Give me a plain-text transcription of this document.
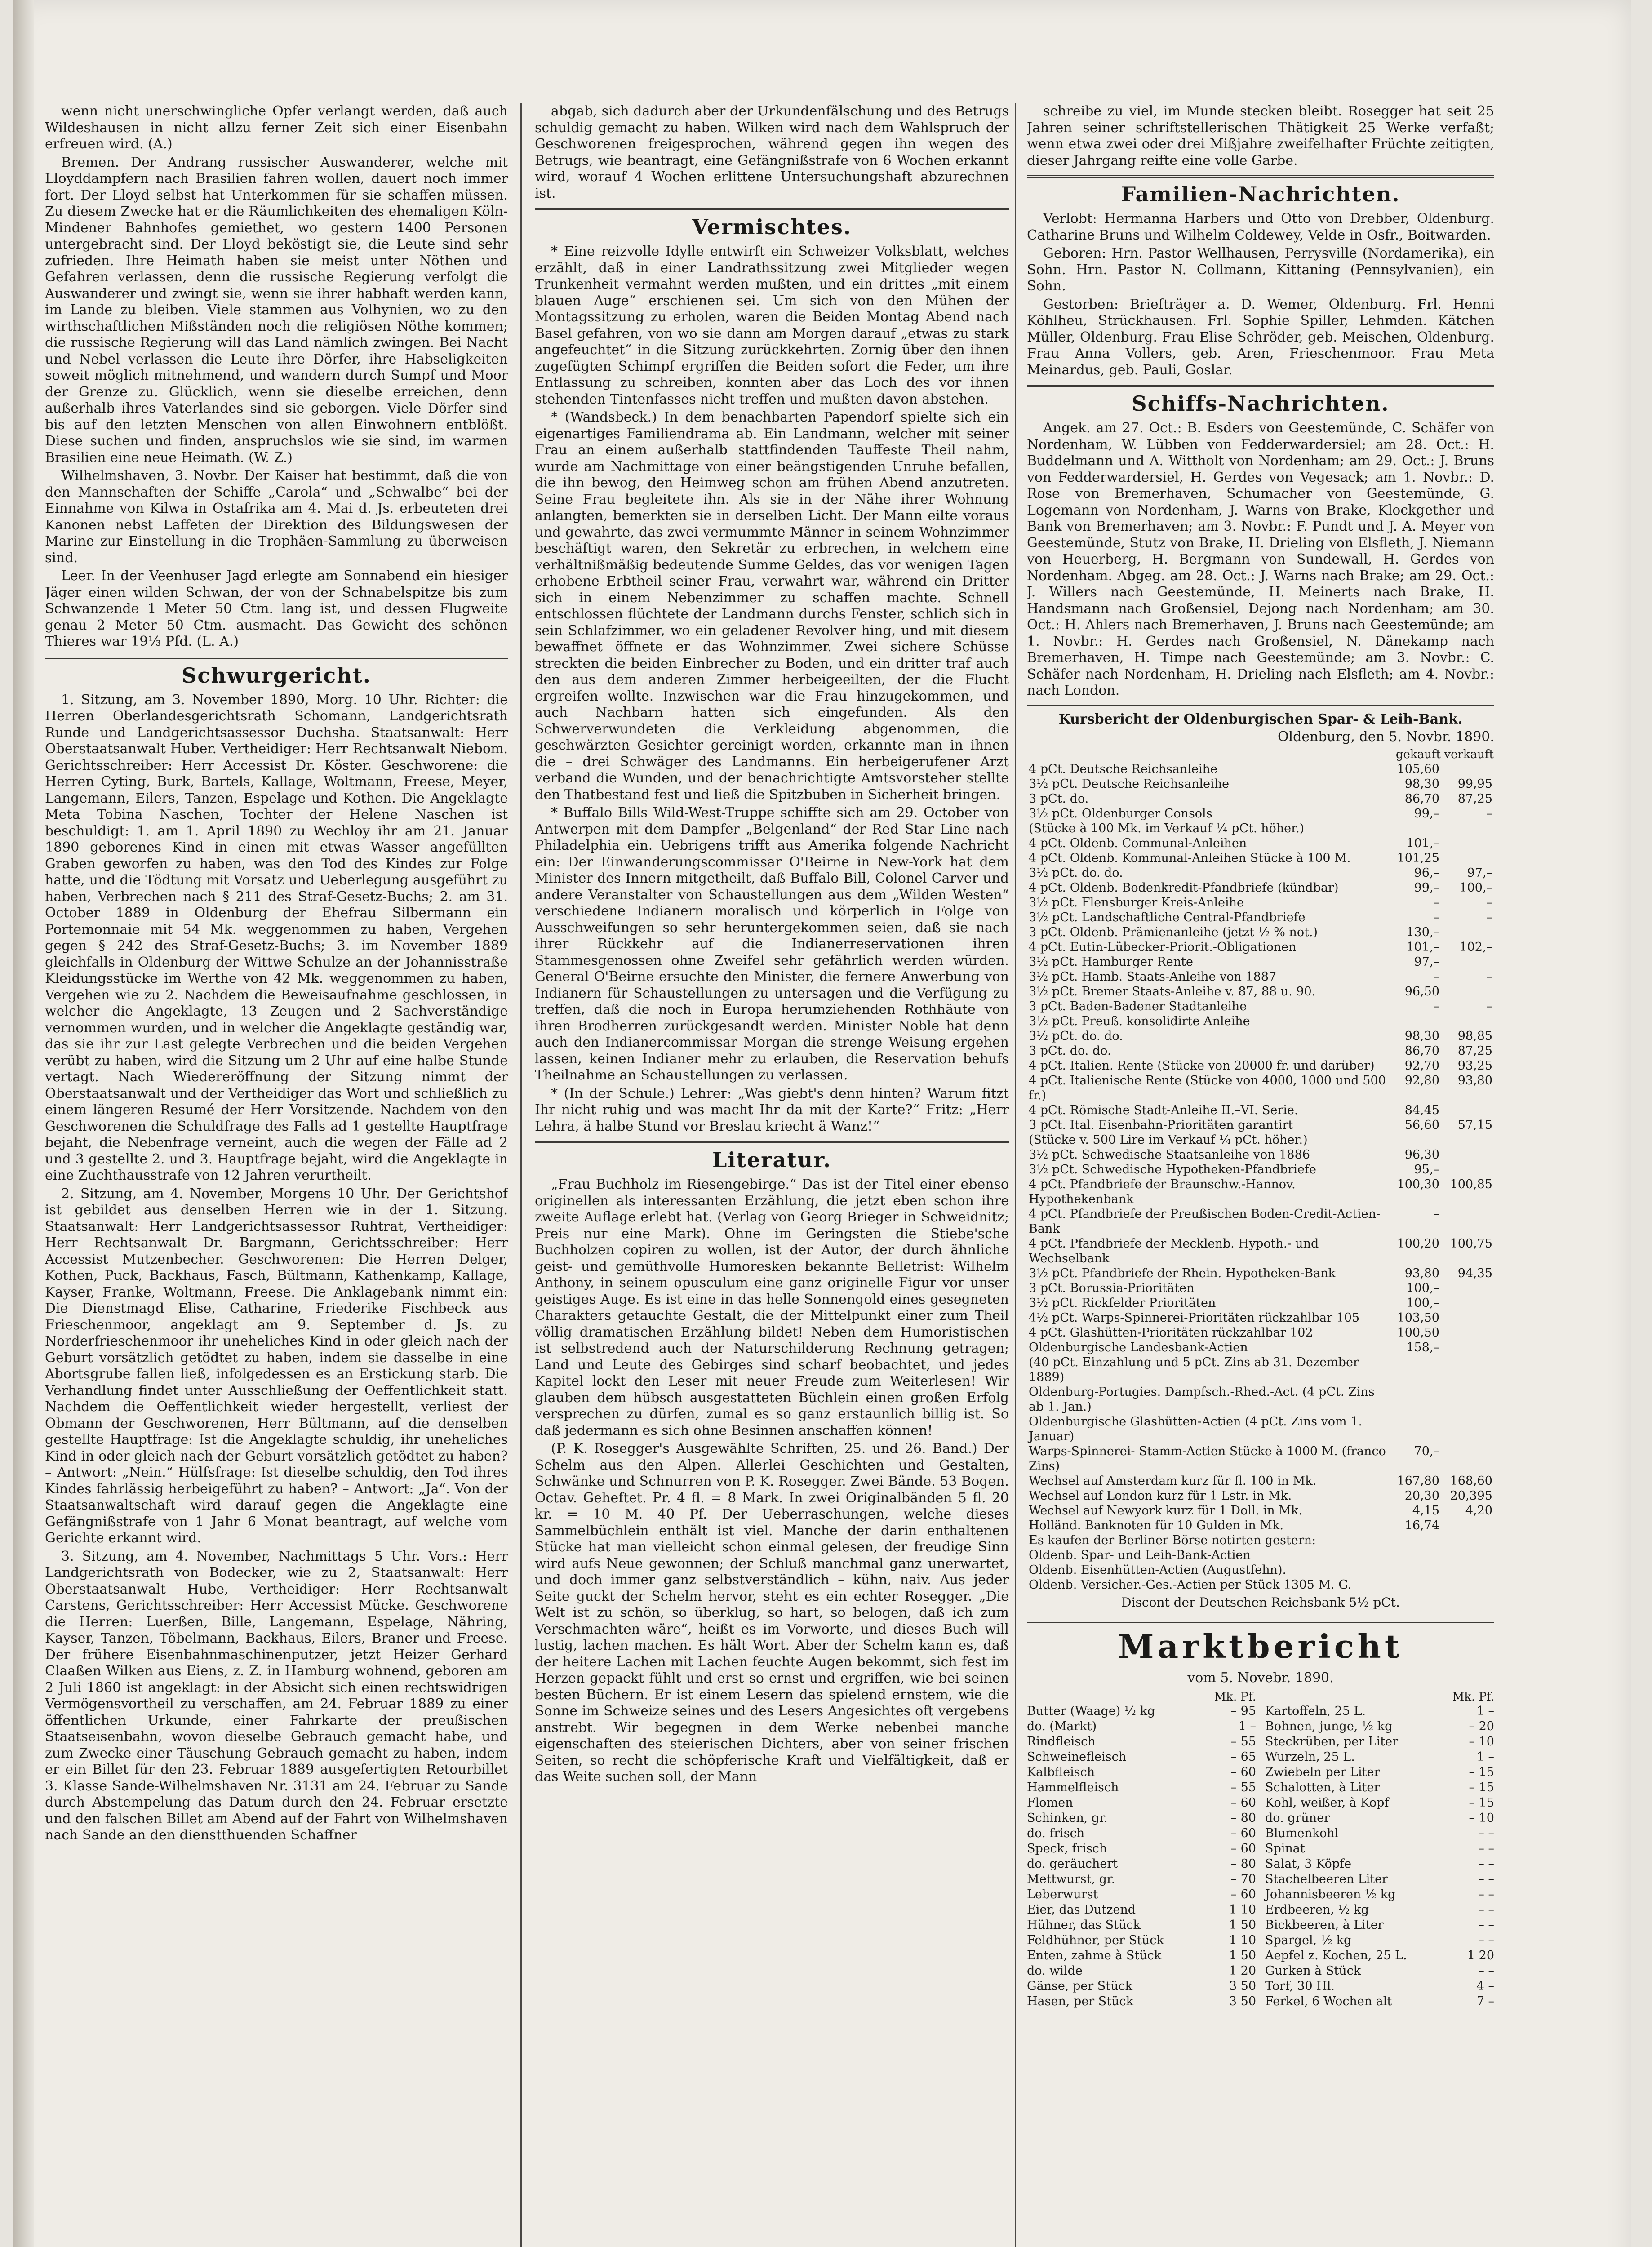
wenn nicht unerschwingliche Opfer verlangt werden, daß auch Wildeshausen in nicht allzu ferner Zeit sich einer Eisenbahn erfreuen wird. (A.)

Bremen. Der Andrang russischer Auswanderer, welche mit Lloyddampfern nach Brasilien fahren wollen, dauert noch immer fort. Der Lloyd selbst hat Unterkommen für sie schaffen müssen. Zu diesem Zwecke hat er die Räumlichkeiten des ehemaligen Köln-Mindener Bahnhofes gemiethet, wo gestern 1400 Personen untergebracht sind. Der Lloyd beköstigt sie, die Leute sind sehr zufrieden. Ihre Heimath haben sie meist unter Nöthen und Gefahren verlassen, denn die russische Regierung verfolgt die Auswanderer und zwingt sie, wenn sie ihrer habhaft werden kann, im Lande zu bleiben. Viele stammen aus Volhynien, wo zu den wirthschaftlichen Mißständen noch die religiösen Nöthe kommen; die russische Regierung will das Land nämlich zwingen. Bei Nacht und Nebel verlassen die Leute ihre Dörfer, ihre Habseligkeiten soweit möglich mitnehmend, und wandern durch Sumpf und Moor der Grenze zu. Glücklich, wenn sie dieselbe erreichen, denn außerhalb ihres Vaterlandes sind sie geborgen. Viele Dörfer sind bis auf den letzten Menschen von allen Einwohnern entblößt. Diese suchen und finden, anspruchslos wie sie sind, im warmen Brasilien eine neue Heimath. (W. Z.)

Wilhelmshaven, 3. Novbr. Der Kaiser hat bestimmt, daß die von den Mannschaften der Schiffe „Carola“ und „Schwalbe“ bei der Einnahme von Kilwa in Ostafrika am 4. Mai d. Js. erbeuteten drei Kanonen nebst Laffeten der Direktion des Bildungswesen der Marine zur Einstellung in die Trophäen-Sammlung zu überweisen sind.

Leer. In der Veenhuser Jagd erlegte am Sonnabend ein hiesiger Jäger einen wilden Schwan, der von der Schnabelspitze bis zum Schwanzende 1 Meter 50 Ctm. lang ist, und dessen Flugweite genau 2 Meter 50 Ctm. ausmacht. Das Gewicht des schönen Thieres war 19⅓ Pfd. (L. A.)

Schwurgericht.

1. Sitzung, am 3. November 1890, Morg. 10 Uhr. Richter: die Herren Oberlandesgerichtsrath Schomann, Landgerichtsrath Runde und Landgerichtsassessor Duchsha. Staatsanwalt: Herr Oberstaatsanwalt Huber. Vertheidiger: Herr Rechtsanwalt Niebom. Gerichtsschreiber: Herr Accessist Dr. Köster. Geschworene: die Herren Cyting, Burk, Bartels, Kallage, Woltmann, Freese, Meyer, Langemann, Eilers, Tanzen, Espelage und Kothen. Die Angeklagte Meta Tobina Naschen, Tochter der Helene Naschen ist beschuldigt: 1. am 1. April 1890 zu Wechloy ihr am 21. Januar 1890 geborenes Kind in einen mit etwas Wasser angefüllten Graben geworfen zu haben, was den Tod des Kindes zur Folge hatte, und die Tödtung mit Vorsatz und Ueberlegung ausgeführt zu haben, Verbrechen nach § 211 des Straf-Gesetz-Buchs; 2. am 31. October 1889 in Oldenburg der Ehefrau Silbermann ein Portemonnaie mit 54 Mk. weggenommen zu haben, Vergehen gegen § 242 des Straf-Gesetz-Buchs; 3. im November 1889 gleichfalls in Oldenburg der Wittwe Schulze an der Johannisstraße Kleidungsstücke im Werthe von 42 Mk. weggenommen zu haben, Vergehen wie zu 2. Nachdem die Beweisaufnahme geschlossen, in welcher die Angeklagte, 13 Zeugen und 2 Sachverständige vernommen wurden, und in welcher die Angeklagte geständig war, das sie ihr zur Last gelegte Verbrechen und die beiden Vergehen verübt zu haben, wird die Sitzung um 2 Uhr auf eine halbe Stunde vertagt. Nach Wiedereröffnung der Sitzung nimmt der Oberstaatsanwalt und der Vertheidiger das Wort und schließlich zu einem längeren Resumé der Herr Vorsitzende. Nachdem von den Geschworenen die Schuldfrage des Falls ad 1 gestellte Hauptfrage bejaht, die Nebenfrage verneint, auch die wegen der Fälle ad 2 und 3 gestellte 2. und 3. Hauptfrage bejaht, wird die Angeklagte in eine Zuchthausstrafe von 12 Jahren verurtheilt.

2. Sitzung, am 4. November, Morgens 10 Uhr. Der Gerichtshof ist gebildet aus denselben Herren wie in der 1. Sitzung. Staatsanwalt: Herr Landgerichtsassessor Ruhtrat, Vertheidiger: Herr Rechtsanwalt Dr. Bargmann, Gerichtsschreiber: Herr Accessist Mutzenbecher. Geschworenen: Die Herren Delger, Kothen, Puck, Backhaus, Fasch, Bültmann, Kathenkamp, Kallage, Kayser, Franke, Woltmann, Freese. Die Anklagebank nimmt ein: Die Dienstmagd Elise, Catharine, Friederike Fischbeck aus Frieschenmoor, angeklagt am 9. September d. Js. zu Norderfrieschenmoor ihr uneheliches Kind in oder gleich nach der Geburt vorsätzlich getödtet zu haben, indem sie dasselbe in eine Abortsgrube fallen ließ, infolgedessen es an Erstickung starb. Die Verhandlung findet unter Ausschließung der Oeffentlichkeit statt. Nachdem die Oeffentlichkeit wieder hergestellt, verliest der Obmann der Geschworenen, Herr Bültmann, auf die denselben gestellte Hauptfrage: Ist die Angeklagte schuldig, ihr uneheliches Kind in oder gleich nach der Geburt vorsätzlich getödtet zu haben? – Antwort: „Nein.“ Hülfsfrage: Ist dieselbe schuldig, den Tod ihres Kindes fahrlässig herbeigeführt zu haben? – Antwort: „Ja“. Von der Staatsanwaltschaft wird darauf gegen die Angeklagte eine Gefängnißstrafe von 1 Jahr 6 Monat beantragt, auf welche vom Gerichte erkannt wird.

3. Sitzung, am 4. November, Nachmittags 5 Uhr. Vors.: Herr Landgerichtsrath von Bodecker, wie zu 2, Staatsanwalt: Herr Oberstaatsanwalt Hube, Vertheidiger: Herr Rechtsanwalt Carstens, Gerichtsschreiber: Herr Accessist Mücke. Geschworene die Herren: Luerßen, Bille, Langemann, Espelage, Nähring, Kayser, Tanzen, Töbelmann, Backhaus, Eilers, Braner und Freese. Der frühere Eisenbahnmaschinenputzer, jetzt Heizer Gerhard Claaßen Wilken aus Eiens, z. Z. in Hamburg wohnend, geboren am 2 Juli 1860 ist angeklagt: in der Absicht sich einen rechtswidrigen Vermögensvortheil zu verschaffen, am 24. Februar 1889 zu einer öffentlichen Urkunde, einer Fahrkarte der preußischen Staatseisenbahn, wovon dieselbe Gebrauch gemacht habe, und zum Zwecke einer Täuschung Gebrauch gemacht zu haben, indem er ein Billet für den 23. Februar 1889 ausgefertigten Retourbillet 3. Klasse Sande-Wilhelmshaven Nr. 3131 am 24. Februar zu Sande durch Abstempelung das Datum durch den 24. Februar ersetzte und den falschen Billet am Abend auf der Fahrt von Wilhelmshaven nach Sande an den dienstthuenden Schaffner

abgab, sich dadurch aber der Urkundenfälschung und des Betrugs schuldig gemacht zu haben. Wilken wird nach dem Wahlspruch der Geschworenen freigesprochen, während gegen ihn wegen des Betrugs, wie beantragt, eine Gefängnißstrafe von 6 Wochen erkannt wird, worauf 4 Wochen erlittene Untersuchungshaft abzurechnen ist.

Vermischtes.

* Eine reizvolle Idylle entwirft ein Schweizer Volksblatt, welches erzählt, daß in einer Landrathssitzung zwei Mitglieder wegen Trunkenheit vermahnt werden mußten, und ein drittes „mit einem blauen Auge“ erschienen sei. Um sich von den Mühen der Montagssitzung zu erholen, waren die Beiden Montag Abend nach Basel gefahren, von wo sie dann am Morgen darauf „etwas zu stark angefeuchtet“ in die Sitzung zurückkehrten. Zornig über den ihnen zugefügten Schimpf ergriffen die Beiden sofort die Feder, um ihre Entlassung zu schreiben, konnten aber das Loch des vor ihnen stehenden Tintenfasses nicht treffen und mußten davon abstehen.

* (Wandsbeck.) In dem benachbarten Papendorf spielte sich ein eigenartiges Familiendrama ab. Ein Landmann, welcher mit seiner Frau an einem außerhalb stattfindenden Tauffeste Theil nahm, wurde am Nachmittage von einer beängstigenden Unruhe befallen, die ihn bewog, den Heimweg schon am frühen Abend anzutreten. Seine Frau begleitete ihn. Als sie in der Nähe ihrer Wohnung anlangten, bemerkten sie in derselben Licht. Der Mann eilte voraus und gewahrte, das zwei vermummte Männer in seinem Wohnzimmer beschäftigt waren, den Sekretär zu erbrechen, in welchem eine verhältnißmäßig bedeutende Summe Geldes, das vor wenigen Tagen erhobene Erbtheil seiner Frau, verwahrt war, während ein Dritter sich in einem Nebenzimmer zu schaffen machte. Schnell entschlossen flüchtete der Landmann durchs Fenster, schlich sich in sein Schlafzimmer, wo ein geladener Revolver hing, und mit diesem bewaffnet öffnete er das Wohnzimmer. Zwei sichere Schüsse streckten die beiden Einbrecher zu Boden, und ein dritter traf auch den aus dem anderen Zimmer herbeigeeilten, der die Flucht ergreifen wollte. Inzwischen war die Frau hinzugekommen, und auch Nachbarn hatten sich eingefunden. Als den Schwerverwundeten die Verkleidung abgenommen, die geschwärzten Gesichter gereinigt worden, erkannte man in ihnen die – drei Schwäger des Landmanns. Ein herbeigerufener Arzt verband die Wunden, und der benachrichtigte Amtsvorsteher stellte den Thatbestand fest und ließ die Spitzbuben in Sicherheit bringen.

* Buffalo Bills Wild-West-Truppe schiffte sich am 29. October von Antwerpen mit dem Dampfer „Belgenland“ der Red Star Line nach Philadelphia ein. Uebrigens trifft aus Amerika folgende Nachricht ein: Der Einwanderungscommissar O'Beirne in New-York hat dem Minister des Innern mitgetheilt, daß Buffalo Bill, Colonel Carver und andere Veranstalter von Schaustellungen aus dem „Wilden Westen“ verschiedene Indianern moralisch und körperlich in Folge von Ausschweifungen so sehr heruntergekommen seien, daß sie nach ihrer Rückkehr auf die Indianerreservationen ihren Stammesgenossen ohne Zweifel sehr gefährlich werden würden. General O'Beirne ersuchte den Minister, die fernere Anwerbung von Indianern für Schaustellungen zu untersagen und die Verfügung zu treffen, daß die noch in Europa herumziehenden Rothhäute von ihren Brodherren zurückgesandt werden. Minister Noble hat denn auch den Indianercommissar Morgan die strenge Weisung ergehen lassen, keinen Indianer mehr zu erlauben, die Reservation behufs Theilnahme an Schaustellungen zu verlassen.

* (In der Schule.) Lehrer: „Was giebt's denn hinten? Warum fitzt Ihr nicht ruhig und was macht Ihr da mit der Karte?“ Fritz: „Herr Lehra, ä halbe Stund vor Breslau kriecht ä Wanz!“

Literatur.

„Frau Buchholz im Riesengebirge.“ Das ist der Titel einer ebenso originellen als interessanten Erzählung, die jetzt eben schon ihre zweite Auflage erlebt hat. (Verlag von Georg Brieger in Schweidnitz; Preis nur eine Mark). Ohne im Geringsten die Stiebe'sche Buchholzen copiren zu wollen, ist der Autor, der durch ähnliche geist- und gemüthvolle Humoresken bekannte Belletrist: Wilhelm Anthony, in seinem opusculum eine ganz originelle Figur vor unser geistiges Auge. Es ist eine in das helle Sonnengold eines gesegneten Charakters getauchte Gestalt, die der Mittelpunkt einer zum Theil völlig dramatischen Erzählung bildet! Neben dem Humoristischen ist selbstredend auch der Naturschilderung Rechnung getragen; Land und Leute des Gebirges sind scharf beobachtet, und jedes Kapitel lockt den Leser mit neuer Freude zum Weiterlesen! Wir glauben dem hübsch ausgestatteten Büchlein einen großen Erfolg versprechen zu dürfen, zumal es so ganz erstaunlich billig ist. So daß jedermann es sich ohne Besinnen anschaffen können!

(P. K. Rosegger's Ausgewählte Schriften, 25. und 26. Band.) Der Schelm aus den Alpen. Allerlei Geschichten und Gestalten, Schwänke und Schnurren von P. K. Rosegger. Zwei Bände. 53 Bogen. Octav. Geheftet. Pr. 4 fl. = 8 Mark. In zwei Originalbänden 5 fl. 20 kr. = 10 M. 40 Pf. Der Ueberraschungen, welche dieses Sammelbüchlein enthält ist viel. Manche der darin enthaltenen Stücke hat man vielleicht schon einmal gelesen, der freudige Sinn wird aufs Neue gewonnen; der Schluß manchmal ganz unerwartet, und doch immer ganz selbstverständlich – kühn, naiv. Aus jeder Seite guckt der Schelm hervor, steht es ein echter Rosegger. „Die Welt ist zu schön, so überklug, so hart, so belogen, daß ich zum Verschmachten wäre“, heißt es im Vorworte, und dieses Buch will lustig, lachen machen. Es hält Wort. Aber der Schelm kann es, daß der heitere Lachen mit Lachen feuchte Augen bekommt, sich fest im Herzen gepackt fühlt und erst so ernst und ergriffen, wie bei seinen besten Büchern. Er ist einem Lesern das spielend ernstem, wie die Sonne im Schweize seines und des Lesers Angesichtes oft vergebens anstrebt. Wir begegnen in dem Werke nebenbei manche eigenschaften des steierischen Dichters, aber von seiner frischen Seiten, so recht die schöpferische Kraft und Vielfältigkeit, daß er das Weite suchen soll, der Mann

schreibe zu viel, im Munde stecken bleibt. Rosegger hat seit 25 Jahren seiner schriftstellerischen Thätigkeit 25 Werke verfaßt; wenn etwa zwei oder drei Mißjahre zweifelhafter Früchte zeitigten, dieser Jahrgang reifte eine volle Garbe.

Familien-Nachrichten.

Verlobt: Hermanna Harbers und Otto von Drebber, Oldenburg. Catharine Bruns und Wilhelm Coldewey, Velde in Osfr., Boitwarden.

Geboren: Hrn. Pastor Wellhausen, Perrysville (Nordamerika), ein Sohn. Hrn. Pastor N. Collmann, Kittaning (Pennsylvanien), ein Sohn.

Gestorben: Briefträger a. D. Wemer, Oldenburg. Frl. Henni Köhlheu, Strückhausen. Frl. Sophie Spiller, Lehmden. Kätchen Müller, Oldenburg. Frau Elise Schröder, geb. Meischen, Oldenburg. Frau Anna Vollers, geb. Aren, Frieschenmoor. Frau Meta Meinardus, geb. Pauli, Goslar.

Schiffs-Nachrichten.

Angek. am 27. Oct.: B. Esders von Geestemünde, C. Schäfer von Nordenham, W. Lübben von Fedderwardersiel; am 28. Oct.: H. Buddelmann und A. Wittholt von Nordenham; am 29. Oct.: J. Bruns von Fedderwardersiel, H. Gerdes von Vegesack; am 1. Novbr.: D. Rose von Bremerhaven, Schumacher von Geestemünde, G. Logemann von Nordenham, J. Warns von Brake, Klockgether und Bank von Bremerhaven; am 3. Novbr.: F. Pundt und J. A. Meyer von Geestemünde, Stutz von Brake, H. Drieling von Elsfleth, J. Niemann von Heuerberg, H. Bergmann von Sundewall, H. Gerdes von Nordenham. Abgeg. am 28. Oct.: J. Warns nach Brake; am 29. Oct.: J. Willers nach Geestemünde, H. Meinerts nach Brake, H. Handsmann nach Großensiel, Dejong nach Nordenham; am 30. Oct.: H. Ahlers nach Bremerhaven, J. Bruns nach Geestemünde; am 1. Novbr.: H. Gerdes nach Großensiel, N. Dänekamp nach Bremerhaven, H. Timpe nach Geestemünde; am 3. Novbr.: C. Schäfer nach Nordenham, H. Drieling nach Elsfleth; am 4. Novbr.: nach London.

Kursbericht der Oldenburgischen Spar- & Leih-Bank.
Oldenburg, den 5. Novbr. 1890.
	gekauft	verkauft
4 pCt. Deutsche Reichsanleihe	105,60	
3½ pCt. Deutsche Reichsanleihe	98,30	99,95
3 pCt. do.	86,70	87,25
3½ pCt. Oldenburger Consols	99,–	–
(Stücke à 100 Mk. im Verkauf ¼ pCt. höher.)		
4 pCt. Oldenb. Communal-Anleihen	101,–	
4 pCt. Oldenb. Kommunal-Anleihen Stücke à 100 M.	101,25	
3½ pCt. do. do.	96,–	97,–
4 pCt. Oldenb. Bodenkredit-Pfandbriefe (kündbar)	99,–	100,–
3½ pCt. Flensburger Kreis-Anleihe	–	–
3½ pCt. Landschaftliche Central-Pfandbriefe	–	–
3 pCt. Oldenb. Prämienanleihe (jetzt ½ % not.)	130,–	
4 pCt. Eutin-Lübecker-Priorit.-Obligationen	101,–	102,–
3½ pCt. Hamburger Rente	97,–	
3½ pCt. Hamb. Staats-Anleihe von 1887	–	–
3½ pCt. Bremer Staats-Anleihe v. 87, 88 u. 90.	96,50	
3 pCt. Baden-Badener Stadtanleihe	–	–
3½ pCt. Preuß. konsolidirte Anleihe		
3½ pCt. do. do.	98,30	98,85
3 pCt. do. do.	86,70	87,25
4 pCt. Italien. Rente (Stücke von 20000 fr. und darüber)	92,70	93,25
4 pCt. Italienische Rente (Stücke von 4000, 1000 und 500 fr.)	92,80	93,80
4 pCt. Römische Stadt-Anleihe II.–VI. Serie.	84,45	
3 pCt. Ital. Eisenbahn-Prioritäten garantirt	56,60	57,15
(Stücke v. 500 Lire im Verkauf ¼ pCt. höher.)		
3½ pCt. Schwedische Staatsanleihe von 1886	96,30	
3½ pCt. Schwedische Hypotheken-Pfandbriefe	95,–	
4 pCt. Pfandbriefe der Braunschw.-Hannov. Hypothekenbank	100,30	100,85
4 pCt. Pfandbriefe der Preußischen Boden-Credit-Actien-Bank	–	
4 pCt. Pfandbriefe der Mecklenb. Hypoth.- und Wechselbank	100,20	100,75
3½ pCt. Pfandbriefe der Rhein. Hypotheken-Bank	93,80	94,35
3 pCt. Borussia-Prioritäten	100,–	
3½ pCt. Rickfelder Prioritäten	100,–	
4½ pCt. Warps-Spinnerei-Prioritäten rückzahlbar 105	103,50	
4 pCt. Glashütten-Prioritäten rückzahlbar 102	100,50	
Oldenburgische Landesbank-Actien	158,–	
(40 pCt. Einzahlung und 5 pCt. Zins ab 31. Dezember 1889)		
Oldenburg-Portugies. Dampfsch.-Rhed.-Act. (4 pCt. Zins ab 1. Jan.)		
Oldenburgische Glashütten-Actien (4 pCt. Zins vom 1. Januar)		
Warps-Spinnerei- Stamm-Actien Stücke à 1000 M. (franco Zins)	70,–	
Wechsel auf Amsterdam kurz für fl. 100 in Mk.	167,80	168,60
Wechsel auf London kurz für 1 Lstr. in Mk.	20,30	20,395
Wechsel auf Newyork kurz für 1 Doll. in Mk.	4,15	4,20
Holländ. Banknoten für 10 Gulden in Mk.	16,74	
Es kaufen der Berliner Börse notirten gestern:		
Oldenb. Spar- und Leih-Bank-Actien		
Oldenb. Eisenhütten-Actien (Augustfehn).		
Oldenb. Versicher.-Ges.-Actien per Stück 1305 M. G.		
Discont der Deutschen Reichsbank 5½ pCt.
Marktbericht
vom 5. Novebr. 1890.
Mk. Pf.
Butter (Waage) ½ kg	– 95
do. (Markt)	1 –
Rindfleisch	– 55
Schweinefleisch	– 65
Kalbfleisch	– 60
Hammelfleisch	– 55
Flomen	– 60
Schinken, gr.	– 80
do. frisch	– 60
Speck, frisch	– 60
do. geräuchert	– 80
Mettwurst, gr.	– 70
Leberwurst	– 60
Eier, das Dutzend	1 10
Hühner, das Stück	1 50
Feldhühner, per Stück	1 10
Enten, zahme à Stück	1 50
do. wilde	1 20
Gänse, per Stück	3 50
Hasen, per Stück	3 50
Mk. Pf.
Kartoffeln, 25 L.	1 –
Bohnen, junge, ½ kg	– 20
Steckrüben, per Liter	– 10
Wurzeln, 25 L.	1 –
Zwiebeln per Liter	– 15
Schalotten, à Liter	– 15
Kohl, weißer, à Kopf	– 15
do. grüner	– 10
Blumenkohl	– –
Spinat	– –
Salat, 3 Köpfe	– –
Stachelbeeren Liter	– –
Johannisbeeren ½ kg	– –
Erdbeeren, ½ kg	– –
Bickbeeren, à Liter	– –
Spargel, ½ kg	– –
Aepfel z. Kochen, 25 L.	1 20
Gurken à Stück	– –
Torf, 30 Hl.	4 –
Ferkel, 6 Wochen alt	7 –
